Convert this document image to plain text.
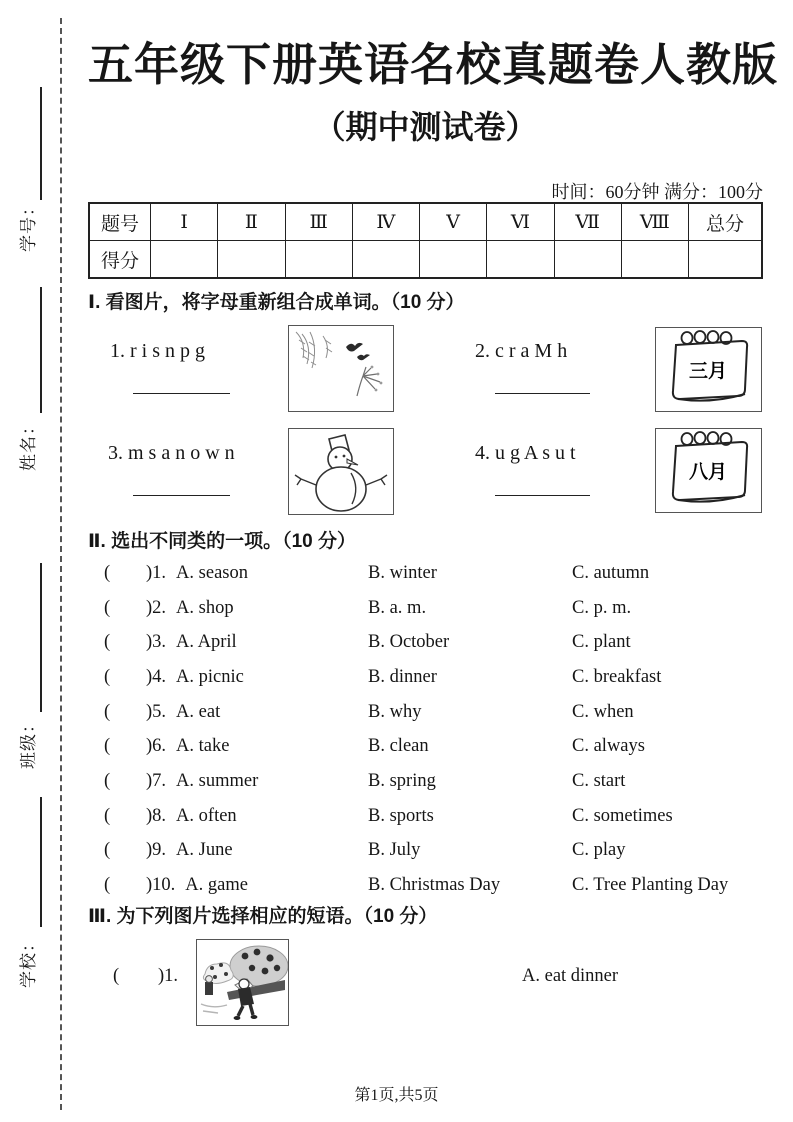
学号：
姓名：
班级：
学校：
五年级下册英语名校真题卷人教版
（期中测试卷）
时间：60分钟 满分：100分
题号	Ⅰ	Ⅱ	Ⅲ	Ⅳ	Ⅴ	Ⅵ	Ⅶ	Ⅷ	总分
得分									
Ⅰ. 看图片，将字母重新组合成单词。（10 分）
1. r i s n p g	2. c r a M h
三月
3. m s a n o w n	4. u g A s u t
八月
Ⅱ. 选出不同类的一项。（10 分）
(	)1. A. season	B. winter	C. autumn
(	)2. A. shop	B. a. m.	C. p. m.
(	)3. A. April	B. October	C. plant
(	)4. A. picnic	B. dinner	C. breakfast
(	)5. A. eat	B. why	C. when
(	)6. A. take	B. clean	C. always
(	)7. A. summer	B. spring	C. start
(	)8. A. often	B. sports	C. sometimes
(	)9. A. June	B. July	C. play
(	)10. A. game	B. Christmas Day	C. Tree Planting Day
Ⅲ. 为下列图片选择相应的短语。（10 分）
( )1.	A. eat dinner
第1页,共5页
